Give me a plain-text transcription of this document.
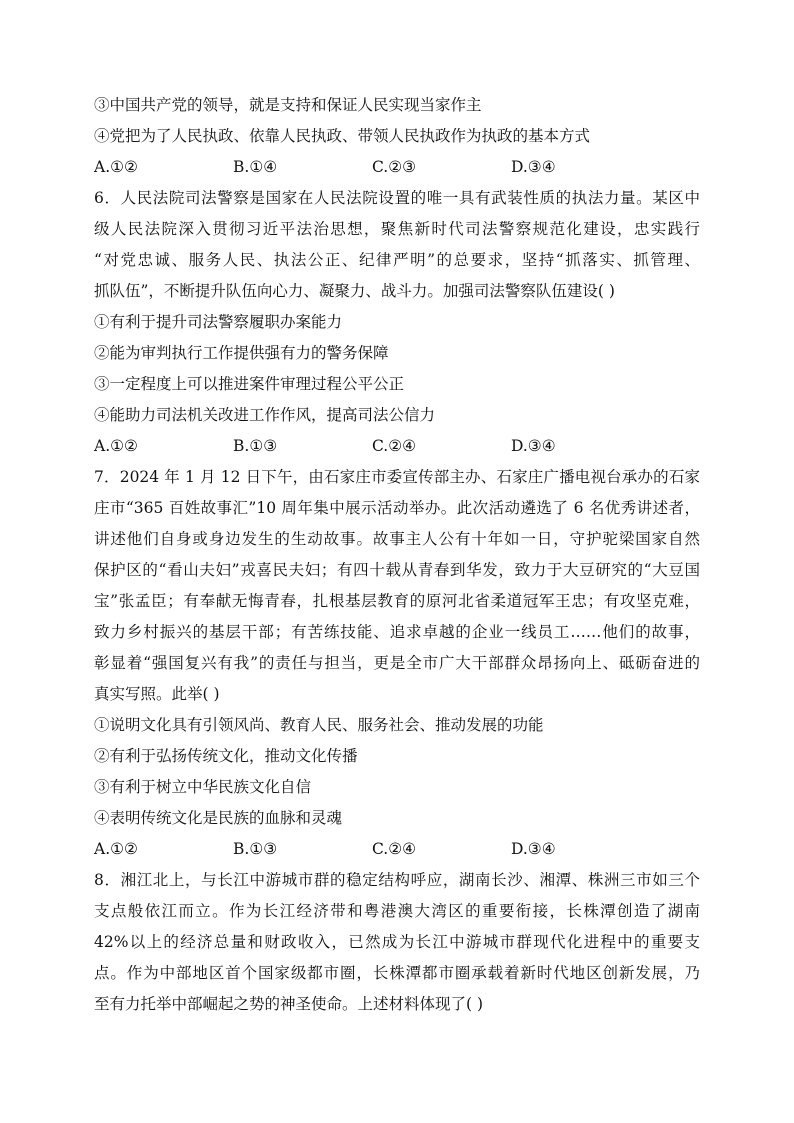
③中国共产党的领导，就是支持和保证人民实现当家作主
④党把为了人民执政、依靠人民执政、带领人民执政作为执政的基本方式
A.①②	B.①④	C.②③	D.③④
6．人民法院司法警察是国家在人民法院设置的唯一具有武装性质的执法力量。某区中
级人民法院深入贯彻习近平法治思想，聚焦新时代司法警察规范化建设，忠实践行
“对党忠诚、服务人民、执法公正、纪律严明”的总要求，坚持“抓落实、抓管理、
抓队伍”，不断提升队伍向心力、凝聚力、战斗力。加强司法警察队伍建设( )
①有利于提升司法警察履职办案能力
②能为审判执行工作提供强有力的警务保障
③一定程度上可以推进案件审理过程公平公正
④能助力司法机关改进工作作风，提高司法公信力
A.①②	B.①③	C.②④	D.③④
7．2024 年 1 月 12 日下午，由石家庄市委宣传部主办、石家庄广播电视台承办的石家
庄市“365 百姓故事汇”10 周年集中展示活动举办。此次活动遴选了 6 名优秀讲述者，
讲述他们自身或身边发生的生动故事。故事主人公有十年如一日，守护驼梁国家自然
保护区的“看山夫妇”戎喜民夫妇；有四十载从青春到华发，致力于大豆研究的“大豆国
宝”张孟臣；有奉献无悔青春，扎根基层教育的原河北省柔道冠军王忠；有攻坚克难，
致力乡村振兴的基层干部；有苦练技能、追求卓越的企业一线员工……他们的故事，
彰显着“强国复兴有我”的责任与担当，更是全市广大干部群众昂扬向上、砥砺奋进的
真实写照。此举( )
①说明文化具有引领风尚、教育人民、服务社会、推动发展的功能
②有利于弘扬传统文化，推动文化传播
③有利于树立中华民族文化自信
④表明传统文化是民族的血脉和灵魂
A.①②	B.①③	C.②④	D.③④
8．湘江北上，与长江中游城市群的稳定结构呼应，湖南长沙、湘潭、株洲三市如三个
支点般依江而立。作为长江经济带和粤港澳大湾区的重要衔接，长株潭创造了湖南
42%以上的经济总量和财政收入，已然成为长江中游城市群现代化进程中的重要支
点。作为中部地区首个国家级都市圈，长株潭都市圈承载着新时代地区创新发展，乃
至有力托举中部崛起之势的神圣使命。上述材料体现了( )
